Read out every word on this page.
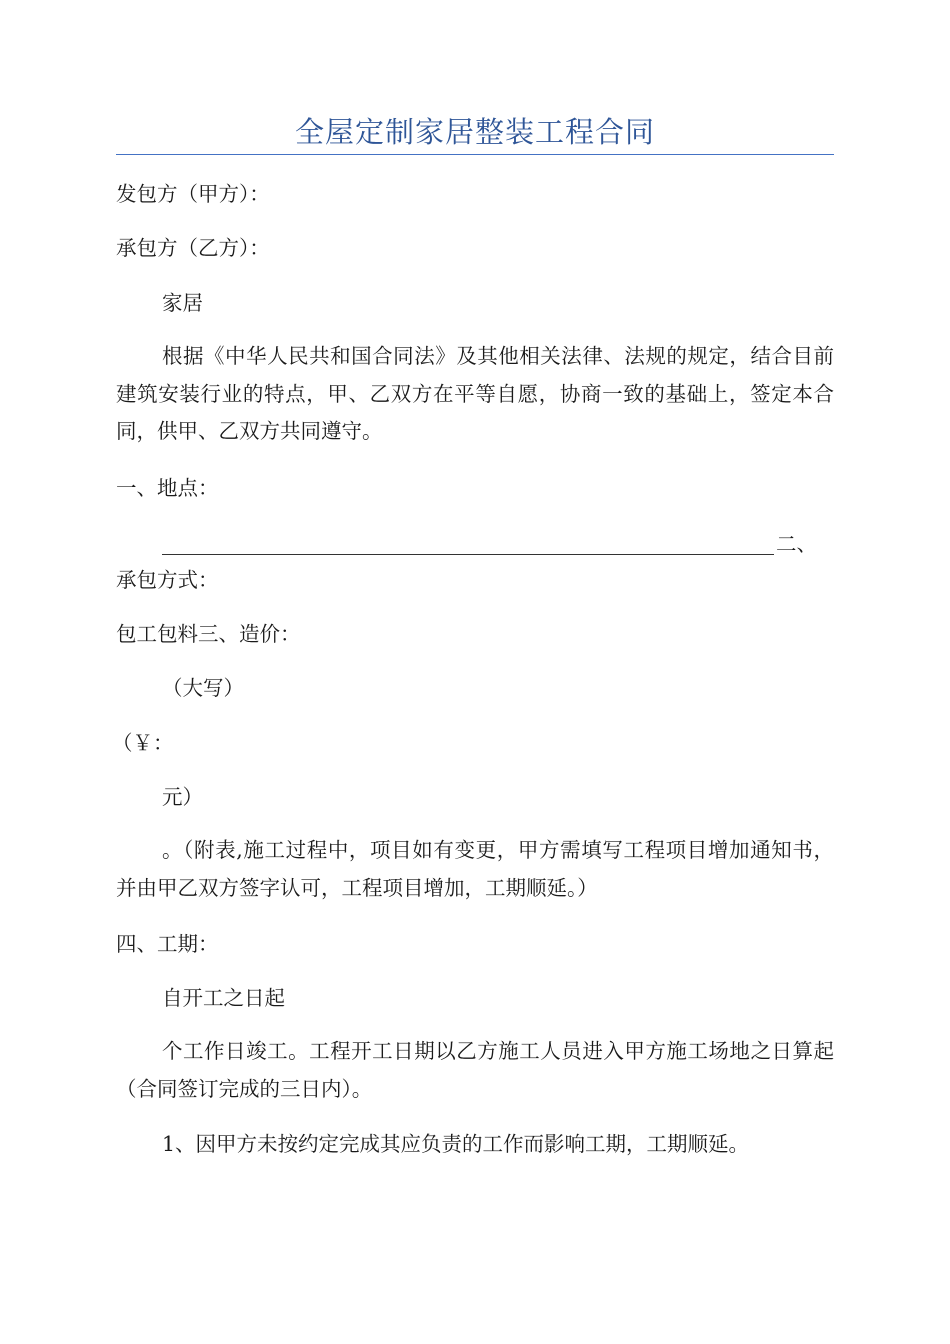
全屋定制家居整装工程合同
发包方（甲方）：
承包方（乙方）：
家居
根据《中华人民共和国合同法》及其他相关法律、法规的规定，结合目前建筑安装行业的特点，甲、乙双方在平等自愿，协商一致的基础上，签定本合同，供甲、乙双方共同遵守。
一、地点：
二、
承包方式：
包工包料三、造价：
（大写）
（￥：
元）
。（附表,施工过程中，项目如有变更，甲方需填写工程项目增加通知书，并由甲乙双方签字认可，工程项目增加，工期顺延。）
四、工期：
自开工之日起
个工作日竣工。工程开工日期以乙方施工人员进入甲方施工场地之日算起（合同签订完成的三日内）。
1、因甲方未按约定完成其应负责的工作而影响工期，工期顺延。
